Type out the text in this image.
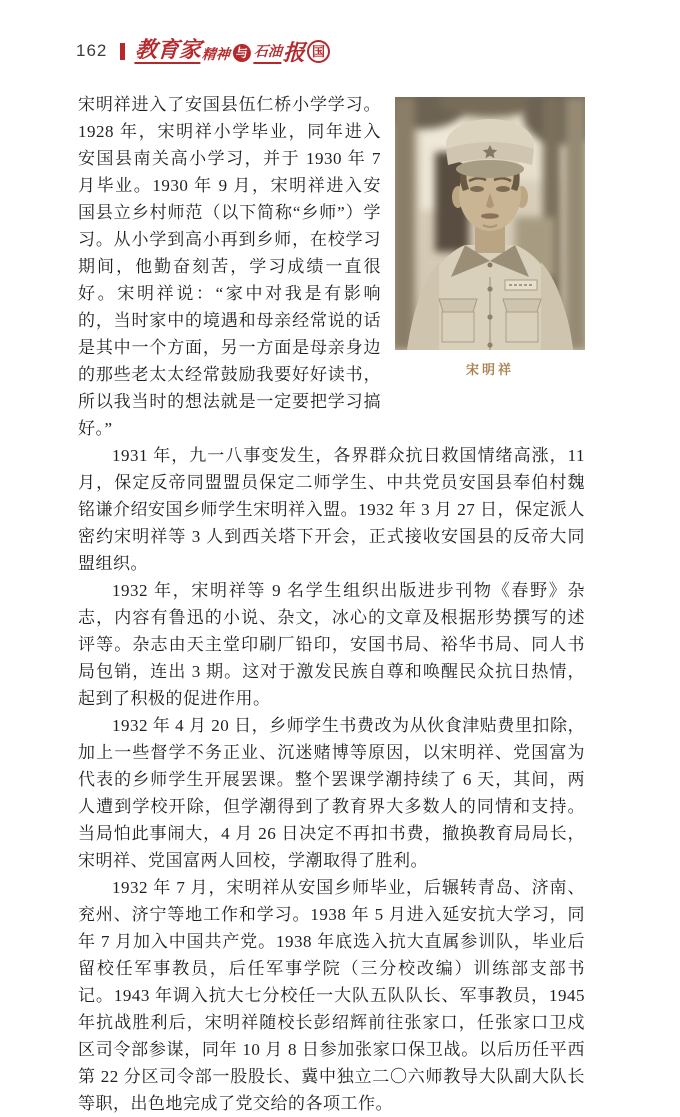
162 教育家 精神 与 石油 报 国
宋明祥

宋明祥进入了安国县伍仁桥小学学习。1928 年，宋明祥小学毕业，同年进入安国县南关高小学习，并于 1930 年 7 月毕业。1930 年 9 月，宋明祥进入安国县立乡村师范（以下简称“乡师”）学习。从小学到高小再到乡师，在校学习期间，他勤奋刻苦，学习成绩一直很好。宋明祥说：“家中对我是有影响的，当时家中的境遇和母亲经常说的话是其中一个方面，另一方面是母亲身边的那些老太太经常鼓励我要好好读书，所以我当时的想法就是一定要把学习搞好。”

1931 年，九一八事变发生，各界群众抗日救国情绪高涨，11 月，保定反帝同盟盟员保定二师学生、中共党员安国县奉伯村魏铭谦介绍安国乡师学生宋明祥入盟。1932 年 3 月 27 日，保定派人密约宋明祥等 3 人到西关塔下开会，正式接收安国县的反帝大同盟组织。

1932 年，宋明祥等 9 名学生组织出版进步刊物《春野》杂志，内容有鲁迅的小说、杂文，冰心的文章及根据形势撰写的述评等。杂志由天主堂印刷厂铅印，安国书局、裕华书局、同人书局包销，连出 3 期。这对于激发民族自尊和唤醒民众抗日热情，起到了积极的促进作用。

1932 年 4 月 20 日，乡师学生书费改为从伙食津贴费里扣除，加上一些督学不务正业、沉迷赌博等原因，以宋明祥、党国富为代表的乡师学生开展罢课。整个罢课学潮持续了 6 天，其间，两人遭到学校开除，但学潮得到了教育界大多数人的同情和支持。当局怕此事闹大，4 月 26 日决定不再扣书费，撤换教育局局长，宋明祥、党国富两人回校，学潮取得了胜利。

1932 年 7 月，宋明祥从安国乡师毕业，后辗转青岛、济南、兖州、济宁等地工作和学习。1938 年 5 月进入延安抗大学习，同年 7 月加入中国共产党。1938 年底选入抗大直属参训队，毕业后留校任军事教员，后任军事学院（三分校改编）训练部支部书记。1943 年调入抗大七分校任一大队五队队长、军事教员，1945 年抗战胜利后，宋明祥随校长彭绍辉前往张家口，任张家口卫戍区司令部参谋，同年 10 月 8 日参加张家口保卫战。以后历任平西第 22 分区司令部一股股长、冀中独立二〇六师教导大队副大队长等职，出色地完成了党交给的各项工作。
